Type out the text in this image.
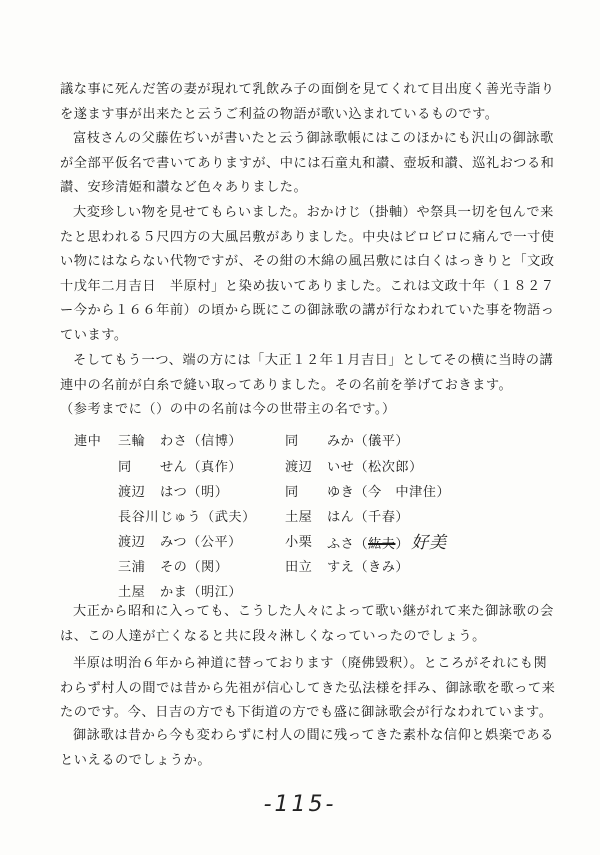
議な事に死んだ筈の妻が現れて乳飲み子の面倒を見てくれて目出度く善光寺詣り
を遂ます事が出来たと云うご利益の物語が歌い込まれているものです。

富枝さんの父藤佐ぢいが書いたと云う御詠歌帳にはこのほかにも沢山の御詠歌
が全部平仮名で書いてありますが、中には石童丸和讃、壺坂和讃、巡礼おつる和
讃、安珍清姫和讃など色々ありました。

大変珍しい物を見せてもらいました。おかけじ（掛軸）や祭具一切を包んで来
たと思われる５尺四方の大風呂敷がありました。中央はビロビロに痛んで一寸使
い物にはならない代物ですが、その紺の木綿の風呂敷には白くはっきりと「文政
十戊年二月吉日　半原村」と染め抜いてありました。これは文政十年（１８２７
ー今から１６６年前）の頃から既にこの御詠歌の講が行なわれていた事を物語っ
ています。

そしてもう一つ、端の方には「大正１２年１月吉日」としてその横に当時の講
連中の名前が白糸で縫い取ってありました。その名前を挙げておきます。
（参考までに（）の中の名前は今の世帯主の名です。）

連中 三輪 わさ（信博）
同 せん（真作）
渡辺 はつ（明）
長谷川 じゅう（武夫）
渡辺 みつ（公平）
三浦 その（関）
土屋 かま（明江）
同 みか（儀平）
渡辺 いせ（松次郎）
同 ゆき（今　中津住）
土屋 はん（千春）
小栗 ふさ（紘夫） 好美
田立 すえ（きみ）

大正から昭和に入っても、こうした人々によって歌い継がれて来た御詠歌の会
は、この人達が亡くなると共に段々淋しくなっていったのでしょう。

半原は明治６年から神道に替っております（廃佛毀釈）。ところがそれにも関
わらず村人の間では昔から先祖が信心してきた弘法様を拝み、御詠歌を歌って来
たのです。今、日吉の方でも下街道の方でも盛に御詠歌会が行なわれています。

御詠歌は昔から今も変わらずに村人の間に残ってきた素朴な信仰と娯楽である
といえるのでしょうか。

-115-
